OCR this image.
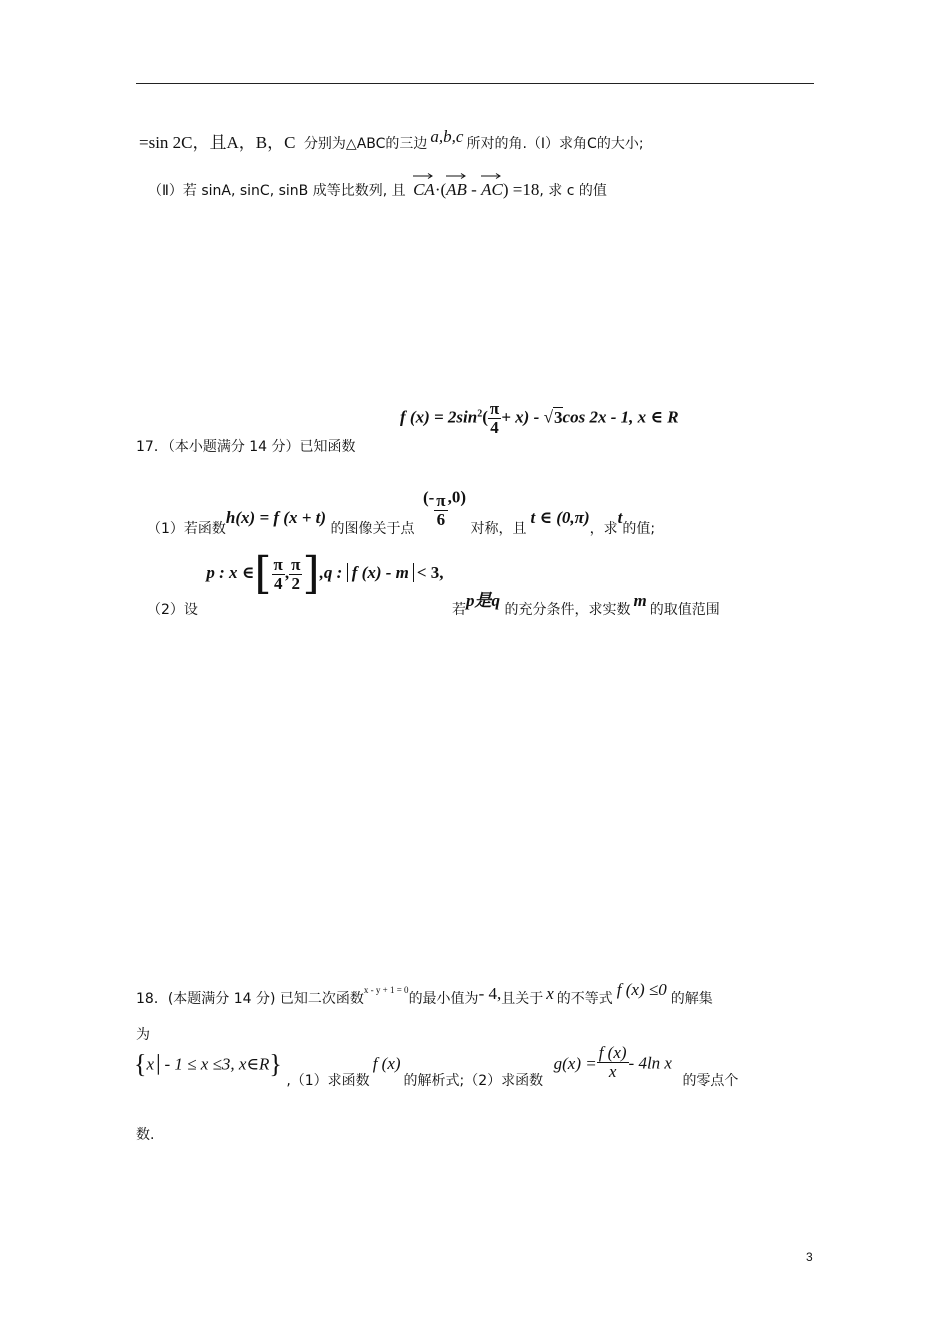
=sin 2C，且A，B，C 分别为△ABC的三边 a,b,c 所对的角.（Ⅰ）求角C的大小;
（Ⅱ）若 sinA, sinC, sinB 成等比数列, 且 CA·(
AB -
AC) =18, 求 c 的值
f $(x) = 2\sin^2( \frac{\pi}{4} + x) - √3\cos$ 2x - 1, x ∈ R
17．（本小题满分 14 分）已知函数
（1）若函数h(x) = f (x + t) 的图像关于点 (- $\frac{\pi}{6} ,0$) 对称，且t ∈ (0,π)，求t的值;
（2）设 p : x ∈[ $\frac{\pi}{4}$ , $\frac{\pi}{2} ],q$ : f (x) - m < 3, 若p是q 的充分条件，求实数 m 的取值范围
18．(本题满分 14 分) 已知二次函数$^{x - y + 1 = 0}$的最小值为- 4,且关于 x 的不等式 f (x) ≤0 的解集
为
{x│- 1 ≤ x ≤3, x∈R} ,（1）求函数f (x)的解析式;（2）求函数 $g(x) = \frac{f (x)}{x} - 4\ln$ x 的零点个
数.
3
